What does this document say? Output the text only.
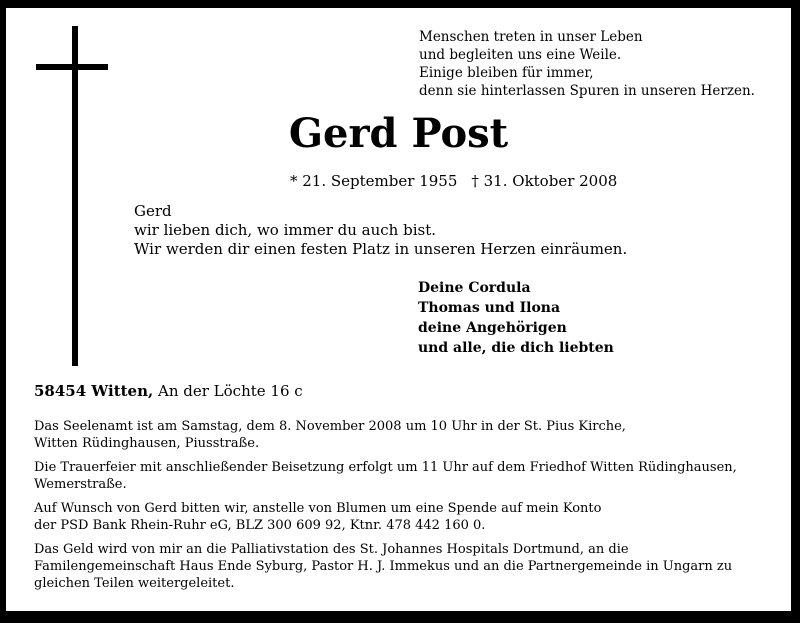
Menschen treten in unser Leben
und begleiten uns eine Weile.
Einige bleiben für immer,
denn sie hinterlassen Spuren in unseren Herzen.
Gerd Post
* 21. September 1955 † 31. Oktober 2008
Gerd
wir lieben dich, wo immer du auch bist.
Wir werden dir einen festen Platz in unseren Herzen einräumen.
Deine Cordula
Thomas und Ilona
deine Angehörigen
und alle, die dich liebten
58454 Witten, An der Löchte 16 c

Das Seelenamt ist am Samstag, dem 8. November 2008 um 10 Uhr in der St. Pius Kirche,
Witten Rüdinghausen, Piusstraße.

Die Trauerfeier mit anschließender Beisetzung erfolgt um 11 Uhr auf dem Friedhof Witten Rüdinghausen,
Wemerstraße.

Auf Wunsch von Gerd bitten wir, anstelle von Blumen um eine Spende auf mein Konto
der PSD Bank Rhein-Ruhr eG, BLZ 300 609 92, Ktnr. 478 442 160 0.

Das Geld wird von mir an die Palliativstation des St. Johannes Hospitals Dortmund, an die
Familengemeinschaft Haus Ende Syburg, Pastor H. J. Immekus und an die Partnergemeinde in Ungarn zu
gleichen Teilen weitergeleitet.
